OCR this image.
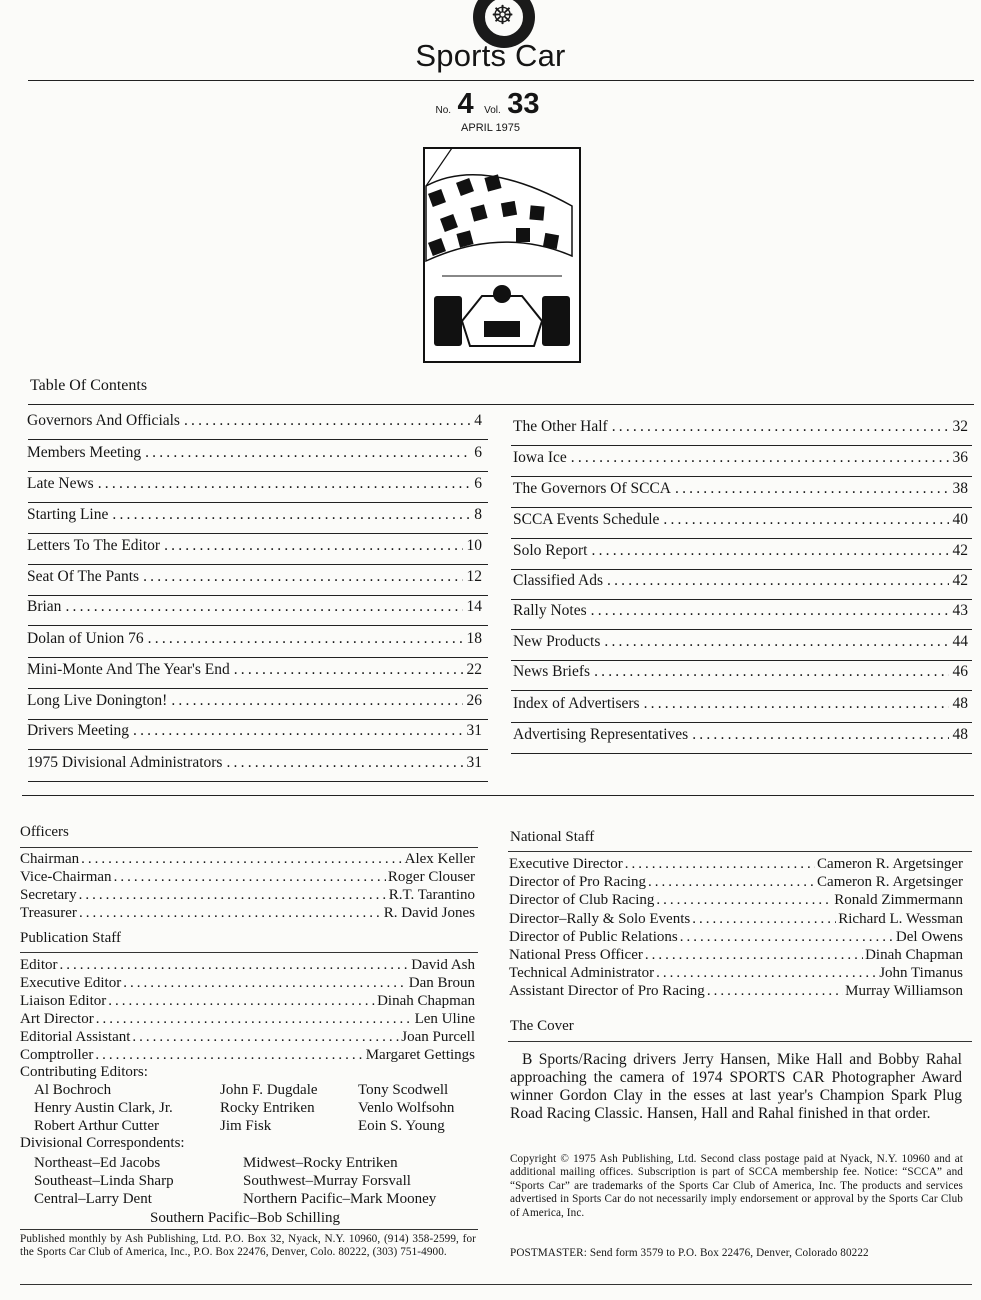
☸
Sports Car
No. 4 Vol. 33
APRIL 1975
Table Of Contents
Governors And Officials .....	4
Members Meeting .....	6
Late News .....	6
Starting Line .....	8
Letters To The Editor .....	10
Seat Of The Pants .....	12
Brian .....	14
Dolan of Union 76 .....	18
Mini-Monte And The Year's End .....	22
Long Live Donington! .....	26
Drivers Meeting .....	31
1975 Divisional Administrators .....	31
The Other Half .....	32
Iowa Ice .....	36
The Governors Of SCCA .....	38
SCCA Events Schedule .....	40
Solo Report .....	42
Classified Ads .....	42
Rally Notes .....	43
New Products .....	44
News Briefs .....	46
Index of Advertisers .....	48
Advertising Representatives .....	48
Officers
Chairman .....	Alex Keller
Vice-Chairman .....	Roger Clouser
Secretary .....	R.T. Tarantino
Treasurer .....	R. David Jones
Publication Staff
Editor .....	David Ash
Executive Editor .....	Dan Broun
Liaison Editor .....	Dinah Chapman
Art Director .....	Len Uline
Editorial Assistant .....	Joan Purcell
Comptroller .....	Margaret Gettings
Contributing Editors:
Al Bochroch	John F. Dugdale	Tony Scodwell
Henry Austin Clark, Jr.	Rocky Entriken	Venlo Wolfsohn
Robert Arthur Cutter	Jim Fisk	Eoin S. Young
Divisional Correspondents:
Northeast–Ed Jacobs	Midwest–Rocky Entriken
Southeast–Linda Sharp	Southwest–Murray Forsvall
Central–Larry Dent	Northern Pacific–Mark Mooney
Southern Pacific–Bob Schilling
Published monthly by Ash Publishing, Ltd. P.O. Box 32, Nyack, N.Y. 10960, (914) 358-2599, for the Sports Car Club of America, Inc., P.O. Box 22476, Denver, Colo. 80222, (303) 751-4900.
National Staff
Executive Director .....	Cameron R. Argetsinger
Director of Pro Racing .....	Cameron R. Argetsinger
Director of Club Racing .....	Ronald Zimmermann
Director–Rally & Solo Events .....	Richard L. Wessman
Director of Public Relations .....	Del Owens
National Press Officer .....	Dinah Chapman
Technical Administrator .....	John Timanus
Assistant Director of Pro Racing .....	Murray Williamson
The Cover
B Sports/Racing drivers Jerry Hansen, Mike Hall and Bobby Rahal approaching the camera of 1974 SPORTS CAR Photographer Award winner Gordon Clay in the esses at last year's Champion Spark Plug Road Racing Classic. Hansen, Hall and Rahal finished in that order.
Copyright © 1975 Ash Publishing, Ltd. Second class postage paid at Nyack, N.Y. 10960 and at additional mailing offices. Subscription is part of SCCA membership fee. Notice: “SCCA” and “Sports Car” are trademarks of the Sports Car Club of America, Inc. The products and services advertised in Sports Car do not necessarily imply endorsement or approval by the Sports Car Club of America, Inc.
POSTMASTER: Send form 3579 to P.O. Box 22476, Denver, Colorado 80222
